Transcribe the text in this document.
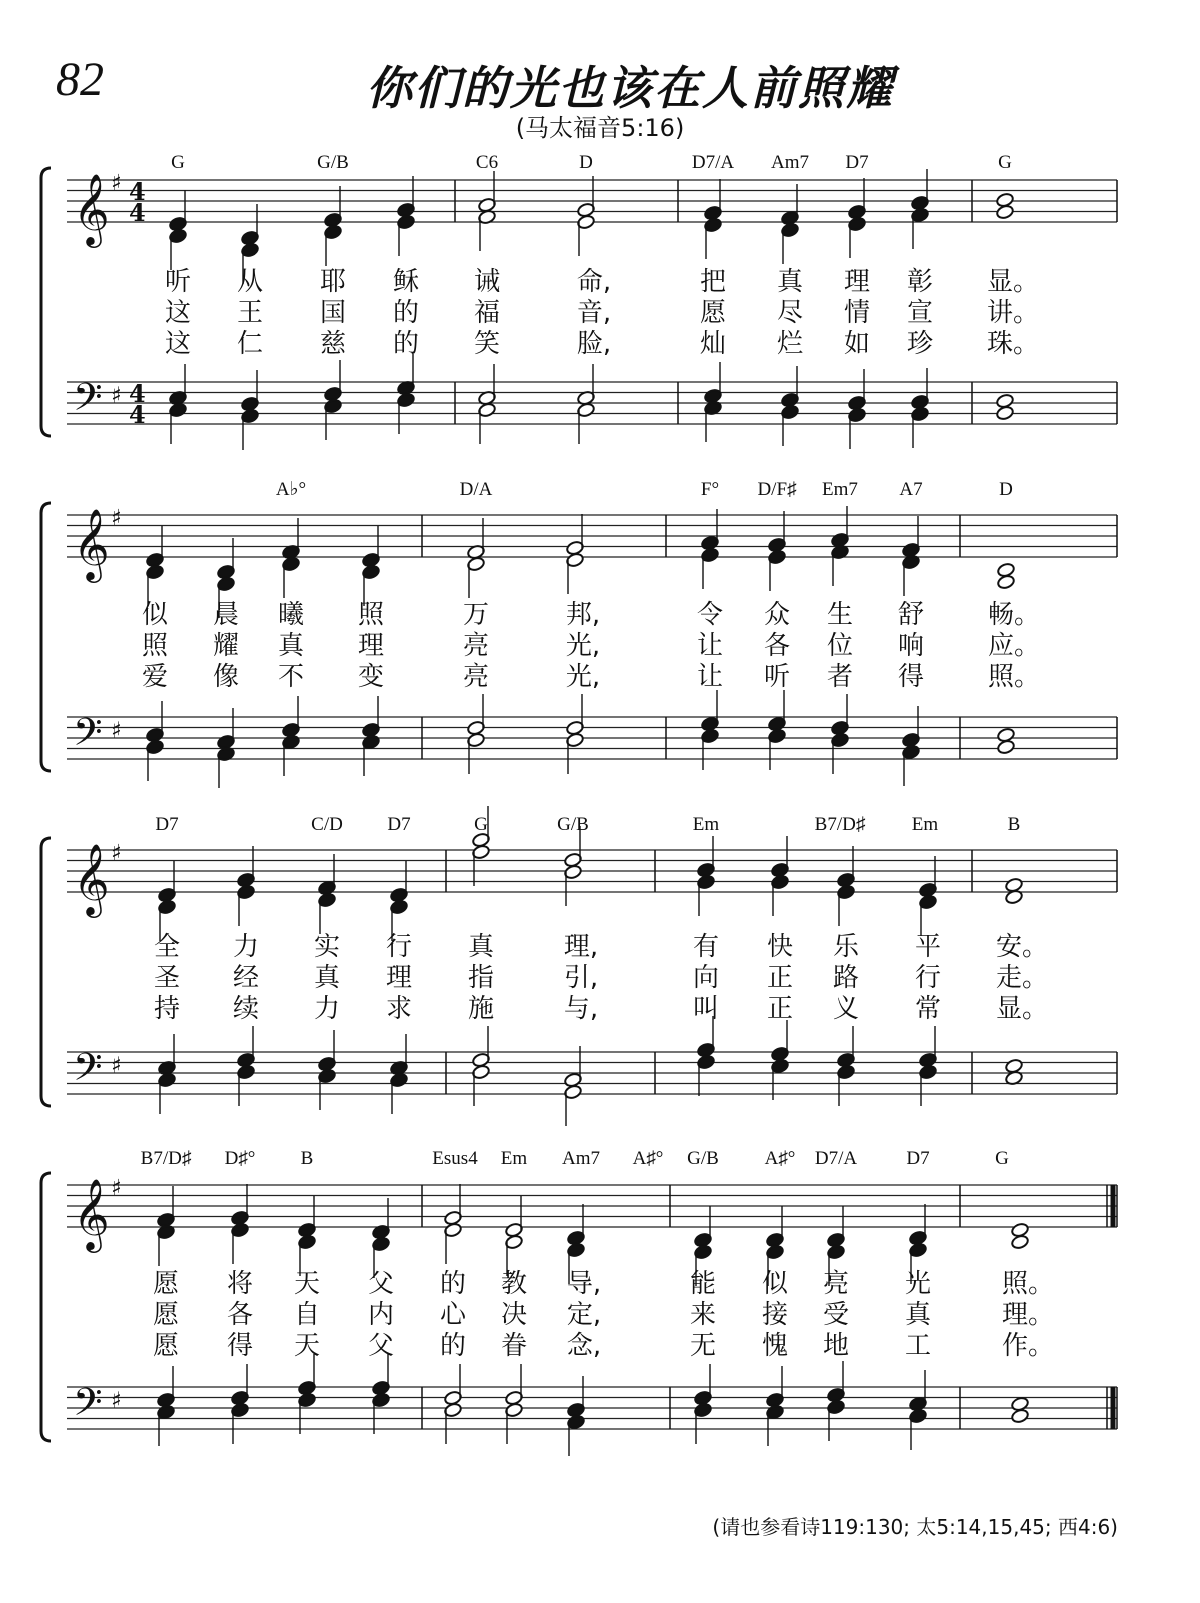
82	你们的光也该在人前照耀
(马太福音5:16)
(请也参看诗119:130; 太5:14,15,45; 西4:6)
𝄞 ♯ 4
4
𝄢 ♯ 4
4
G	G/B	C6	D	D7/A Am7 D7	G
听 从 耶 稣 诫	命,	把 真 理 彰 显。
这 王 国 的 福	音,	愿 尽 情 宣 讲。
这 仁 慈 的 笑	脸,	灿 烂 如 珍 珠。
𝄞 ♯
𝄢 ♯
A♭°	D/A	F° D/F♯ Em7 A7	D
似 晨 曦 照	万	邦,	令 众 生 舒 畅。
照 耀 真 理	亮	光,	让 各 位 响 应。
爱 像 不 变	亮	光,	让 听 者 得 照。
𝄞 ♯
𝄢 ♯
D7	C/D D7	G	G/B	Em	B7/D♯ Em	B
全 力 实 行 真	理,	有 快 乐 平 安。
圣 经 真 理 指	引,	向 正 路 行 走。
持 续 力 求 施	与,	叫 正 义 常 显。
𝄞 ♯
𝄢 ♯
B7/D♯ D♯° B	Esus4 Em Am7 A♯° G/B A♯° D7/A	D7	G
愿 将 天 父 的 教 导,	能 似 亮 光	照。
愿 各 自 内 心 决 定,	来 接 受 真	理。
愿 得 天 父 的 眷 念,	无 愧 地 工	作。
